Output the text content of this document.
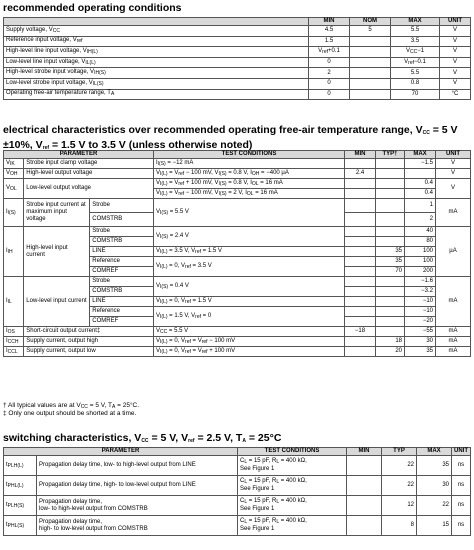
recommended operating conditions
	MIN	NOM	MAX	UNIT
Supply voltage, $V_{CC}$	4.5	5	5.5	V
Reference input voltage, $V_{ref}$	1.5		3.5	V
High-level line input voltage, $V_{IH(L)}$	$V_{ref}+0.1$		$V_{CC}-1$	V
Low-level line input voltage, $V_{IL(L)}$	0		$V_{ref}-0.1$	V
High-level strobe input voltage, $V_{IH(S)}$	2		5.5	V
Low-level strobe input voltage, $V_{IL(S)}$	0		0.8	V
Operating free-air temperature range, $T_A$	0		70	°C
electrical characteristics over recommended operating free-air temperature range, $V_{CC} = 5$ V ±10%, $V_{ref} = 1.5$ V to 3.5 V (unless otherwise noted)
PARAMETER			TEST CONDITIONS	MIN	TYP†	MAX	UNIT
$V_{IK}$	Strobe input clamp voltage		$I_{I(S)} = -12$ mA			−1.5	V
$V_{OH}$	High-level output voltage		$V_{I(L)} = V_{ref} - 100$ mV, $V_{I(S)} = 0.8$ V, $I_{OH} = -400$ µA	2.4			V
$V_{OL}$	Low-level output voltage		$V_{I(L)} = V_{ref} + 100$ mV, $V_{I(S)} = 0.8$ V, $I_{OL} = 16$ mA			0.4	V
			$V_{I(L)} = V_{ref} - 100$ mV, $V_{I(S)} = 2$ V, $I_{OL} = 16$ mA			0.4	
$I_{I(S)}$	Strobe input current at maximum input voltage	Strobe	$V_{I(S)} = 5.5$ V			1	mA
		COMSTRB				2	
$I_{IH}$	High-level input current	Strobe	$V_{I(S)} = 2.4$ V			40	µA
		COMSTRB				80	
		LINE	$V_{I(L)} = 3.5$ V, $V_{ref} = 1.5$ V		35	100	
		Reference	$V_{I(L)} = 0$, $V_{ref} = 3.5$ V		35	100	
		COMREF			70	200	
$I_{IL}$	Low-level input current	Strobe	$V_{I(S)} = 0.4$ V			−1.6	mA
		COMSTRB				−3.2	
		LINE	$V_{I(L)} = 0$, $V_{ref} = 1.5$ V			−10	
		Reference	$V_{I(L)} = 1.5$ V, $V_{ref} = 0$			−10	
		COMREF				−20	
$I_{OS}$	Short-circuit output current‡		$V_{CC} = 5.5$ V	−18		−55	mA
$I_{CCH}$	Supply current, output high		$V_{I(L)} = 0$, $V_{ref} = V_{ref} - 100$ mV		18	30	mA
$I_{CCL}$	Supply current, output low		$V_{I(L)} = 0$, $V_{ref} = V_{ref} + 100$ mV		20	35	mA
† All typical values are at $V_{CC} = 5$ V, $T_A = 25^\circ C$.
‡ Only one output should be shorted at a time.
switching characteristics, $V_{CC} = 5$ V, $V_{ref} = 2.5$ V, $T_A = 25^\circ C$
PARAMETER		TEST CONDITIONS	MIN	TYP	MAX	UNIT
$t_{PLH(L)}$	Propagation delay time, low- to high-level output from LINE	$C_L = 15$ pF, $R_L = 400$ kΩ,
See Figure 1		22	35	ns
$t_{PHL(L)}$	Propagation delay time, high- to low-level output from LINE	$C_L = 15$ pF, $R_L = 400$ kΩ,
See Figure 1		22	30	ns
$t_{PLH(S)}$	Propagation delay time,
low- to high-level output from COMSTRB	$C_L = 15$ pF, $R_L = 400$ kΩ,
See Figure 1		12	22	ns
$t_{PHL(S)}$	Propagation delay time,
high- to low-level output from COMSTRB	$C_L = 15$ pF, $R_L = 400$ kΩ,
See Figure 1		8	15	ns
